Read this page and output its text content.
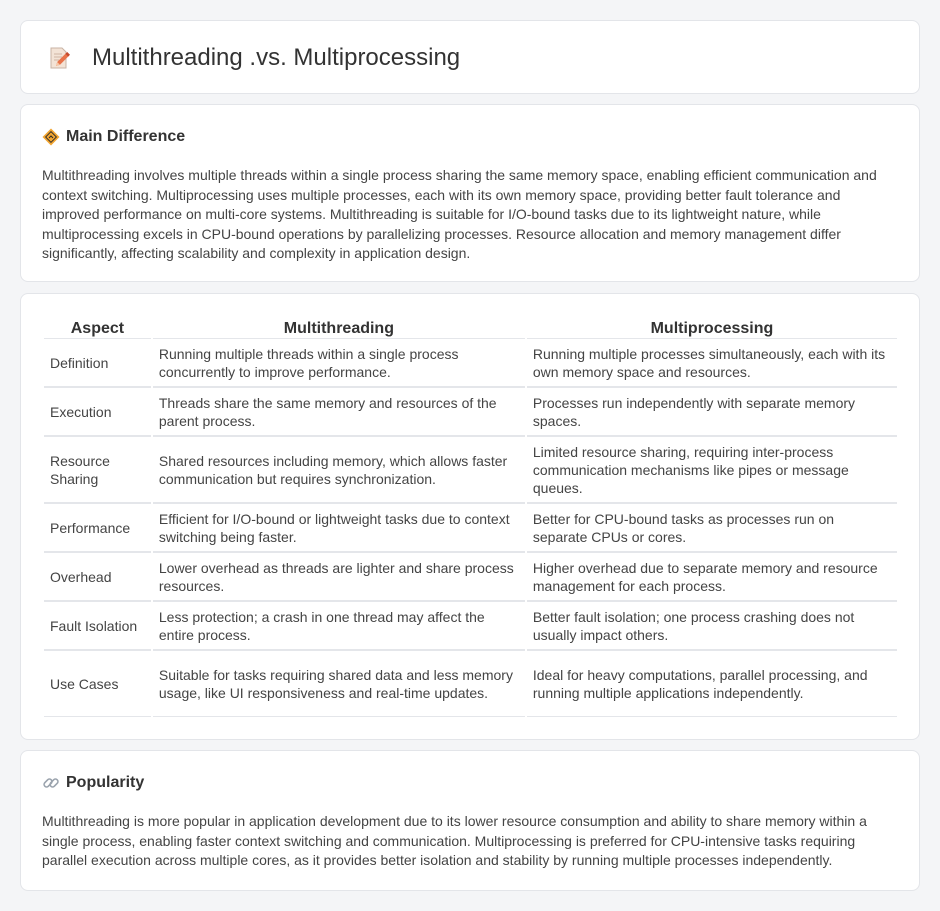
Multithreading .vs. Multiprocessing
Main Difference

Multithreading involves multiple threads within a single process sharing the same memory space, enabling efficient communication and context switching. Multiprocessing uses multiple processes, each with its own memory space, providing better fault tolerance and improved performance on multi-core systems. Multithreading is suitable for I/O-bound tasks due to its lightweight nature, while multiprocessing excels in CPU-bound operations by parallelizing processes. Resource allocation and memory management differ significantly, affecting scalability and complexity in application design.

Aspect	Multithreading	Multiprocessing
Definition	Running multiple threads within a single process concurrently to improve performance.	Running multiple processes simultaneously, each with its own memory space and resources.
Execution	Threads share the same memory and resources of the parent process.	Processes run independently with separate memory spaces.
Resource Sharing	Shared resources including memory, which allows faster communication but requires synchronization.	Limited resource sharing, requiring inter-process communication mechanisms like pipes or message queues.
Performance	Efficient for I/O-bound or lightweight tasks due to context switching being faster.	Better for CPU-bound tasks as processes run on separate CPUs or cores.
Overhead	Lower overhead as threads are lighter and share process resources.	Higher overhead due to separate memory and resource management for each process.
Fault Isolation	Less protection; a crash in one thread may affect the entire process.	Better fault isolation; one process crashing does not usually impact others.
Use Cases	Suitable for tasks requiring shared data and less memory usage, like UI responsiveness and real-time updates.	Ideal for heavy computations, parallel processing, and running multiple applications independently.
Popularity

Multithreading is more popular in application development due to its lower resource consumption and ability to share memory within a single process, enabling faster context switching and communication. Multiprocessing is preferred for CPU-intensive tasks requiring parallel execution across multiple cores, as it provides better isolation and stability by running multiple processes independently.
